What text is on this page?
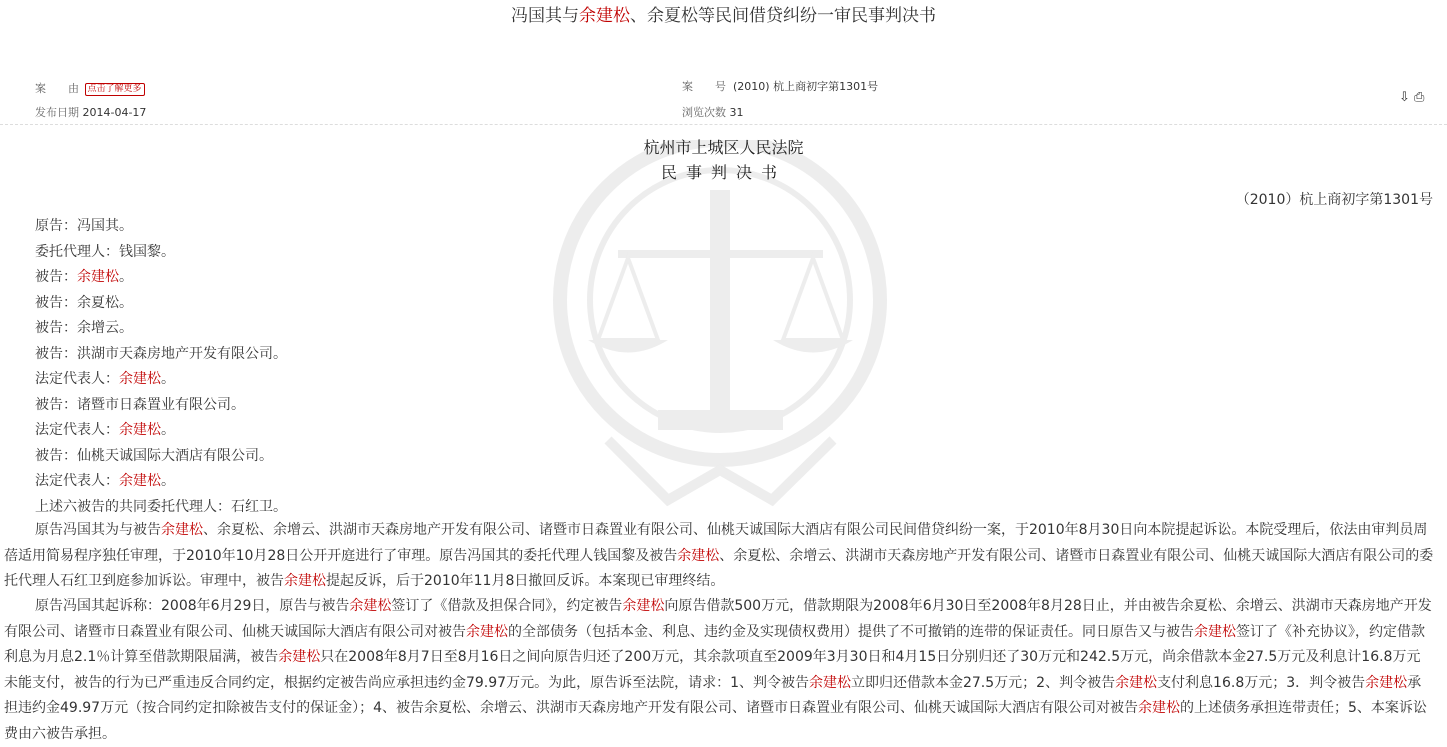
冯国其与余建松、余夏松等民间借贷纠纷一审民事判决书
案　　由 点击了解更多
发布日期 2014-04-17
案　　号 (2010) 杭上商初字第1301号
浏览次数 31
⇩ ⎙
杭州市上城区人民法院
民事判决书
（2010）杭上商初字第1301号
原告：冯国其。
委托代理人：钱国黎。
被告：余建松。
被告：余夏松。
被告：余增云。
被告：洪湖市天森房地产开发有限公司。
法定代表人：余建松。
被告：诸暨市日森置业有限公司。
法定代表人：余建松。
被告：仙桃天诚国际大酒店有限公司。
法定代表人：余建松。
上述六被告的共同委托代理人：石红卫。
原告冯国其为与被告余建松、余夏松、余增云、洪湖市天森房地产开发有限公司、诸暨市日森置业有限公司、仙桃天诚国际大酒店有限公司民间借贷纠纷一案，于2010年8月30日向本院提起诉讼。本院受理后，依法由审判员周蓓适用简易程序独任审理，于2010年10月28日公开开庭进行了审理。原告冯国其的委托代理人钱国黎及被告余建松、余夏松、余增云、洪湖市天森房地产开发有限公司、诸暨市日森置业有限公司、仙桃天诚国际大酒店有限公司的委托代理人石红卫到庭参加诉讼。审理中，被告余建松提起反诉，后于2010年11月8日撤回反诉。本案现已审理终结。
原告冯国其起诉称：2008年6月29日，原告与被告余建松签订了《借款及担保合同》，约定被告余建松向原告借款500万元，借款期限为2008年6月30日至2008年8月28日止，并由被告余夏松、余增云、洪湖市天森房地产开发有限公司、诸暨市日森置业有限公司、仙桃天诚国际大酒店有限公司对被告余建松的全部债务（包括本金、利息、违约金及实现债权费用）提供了不可撤销的连带的保证责任。同日原告又与被告余建松签订了《补充协议》，约定借款利息为月息2.1％计算至借款期限届满，被告余建松只在2008年8月7日至8月16日之间向原告归还了200万元，其余款项直至2009年3月30日和4月15日分别归还了30万元和242.5万元，尚余借款本金27.5万元及利息计16.8万元未能支付，被告的行为已严重违反合同约定，根据约定被告尚应承担违约金79.97万元。为此，原告诉至法院，请求：1、判令被告余建松立即归还借款本金27.5万元；2、判令被告余建松支付利息16.8万元；3．判令被告余建松承担违约金49.97万元（按合同约定扣除被告支付的保证金）；4、被告余夏松、余增云、洪湖市天森房地产开发有限公司、诸暨市日森置业有限公司、仙桃天诚国际大酒店有限公司对被告余建松的上述债务承担连带责任；5、本案诉讼费由六被告承担。
